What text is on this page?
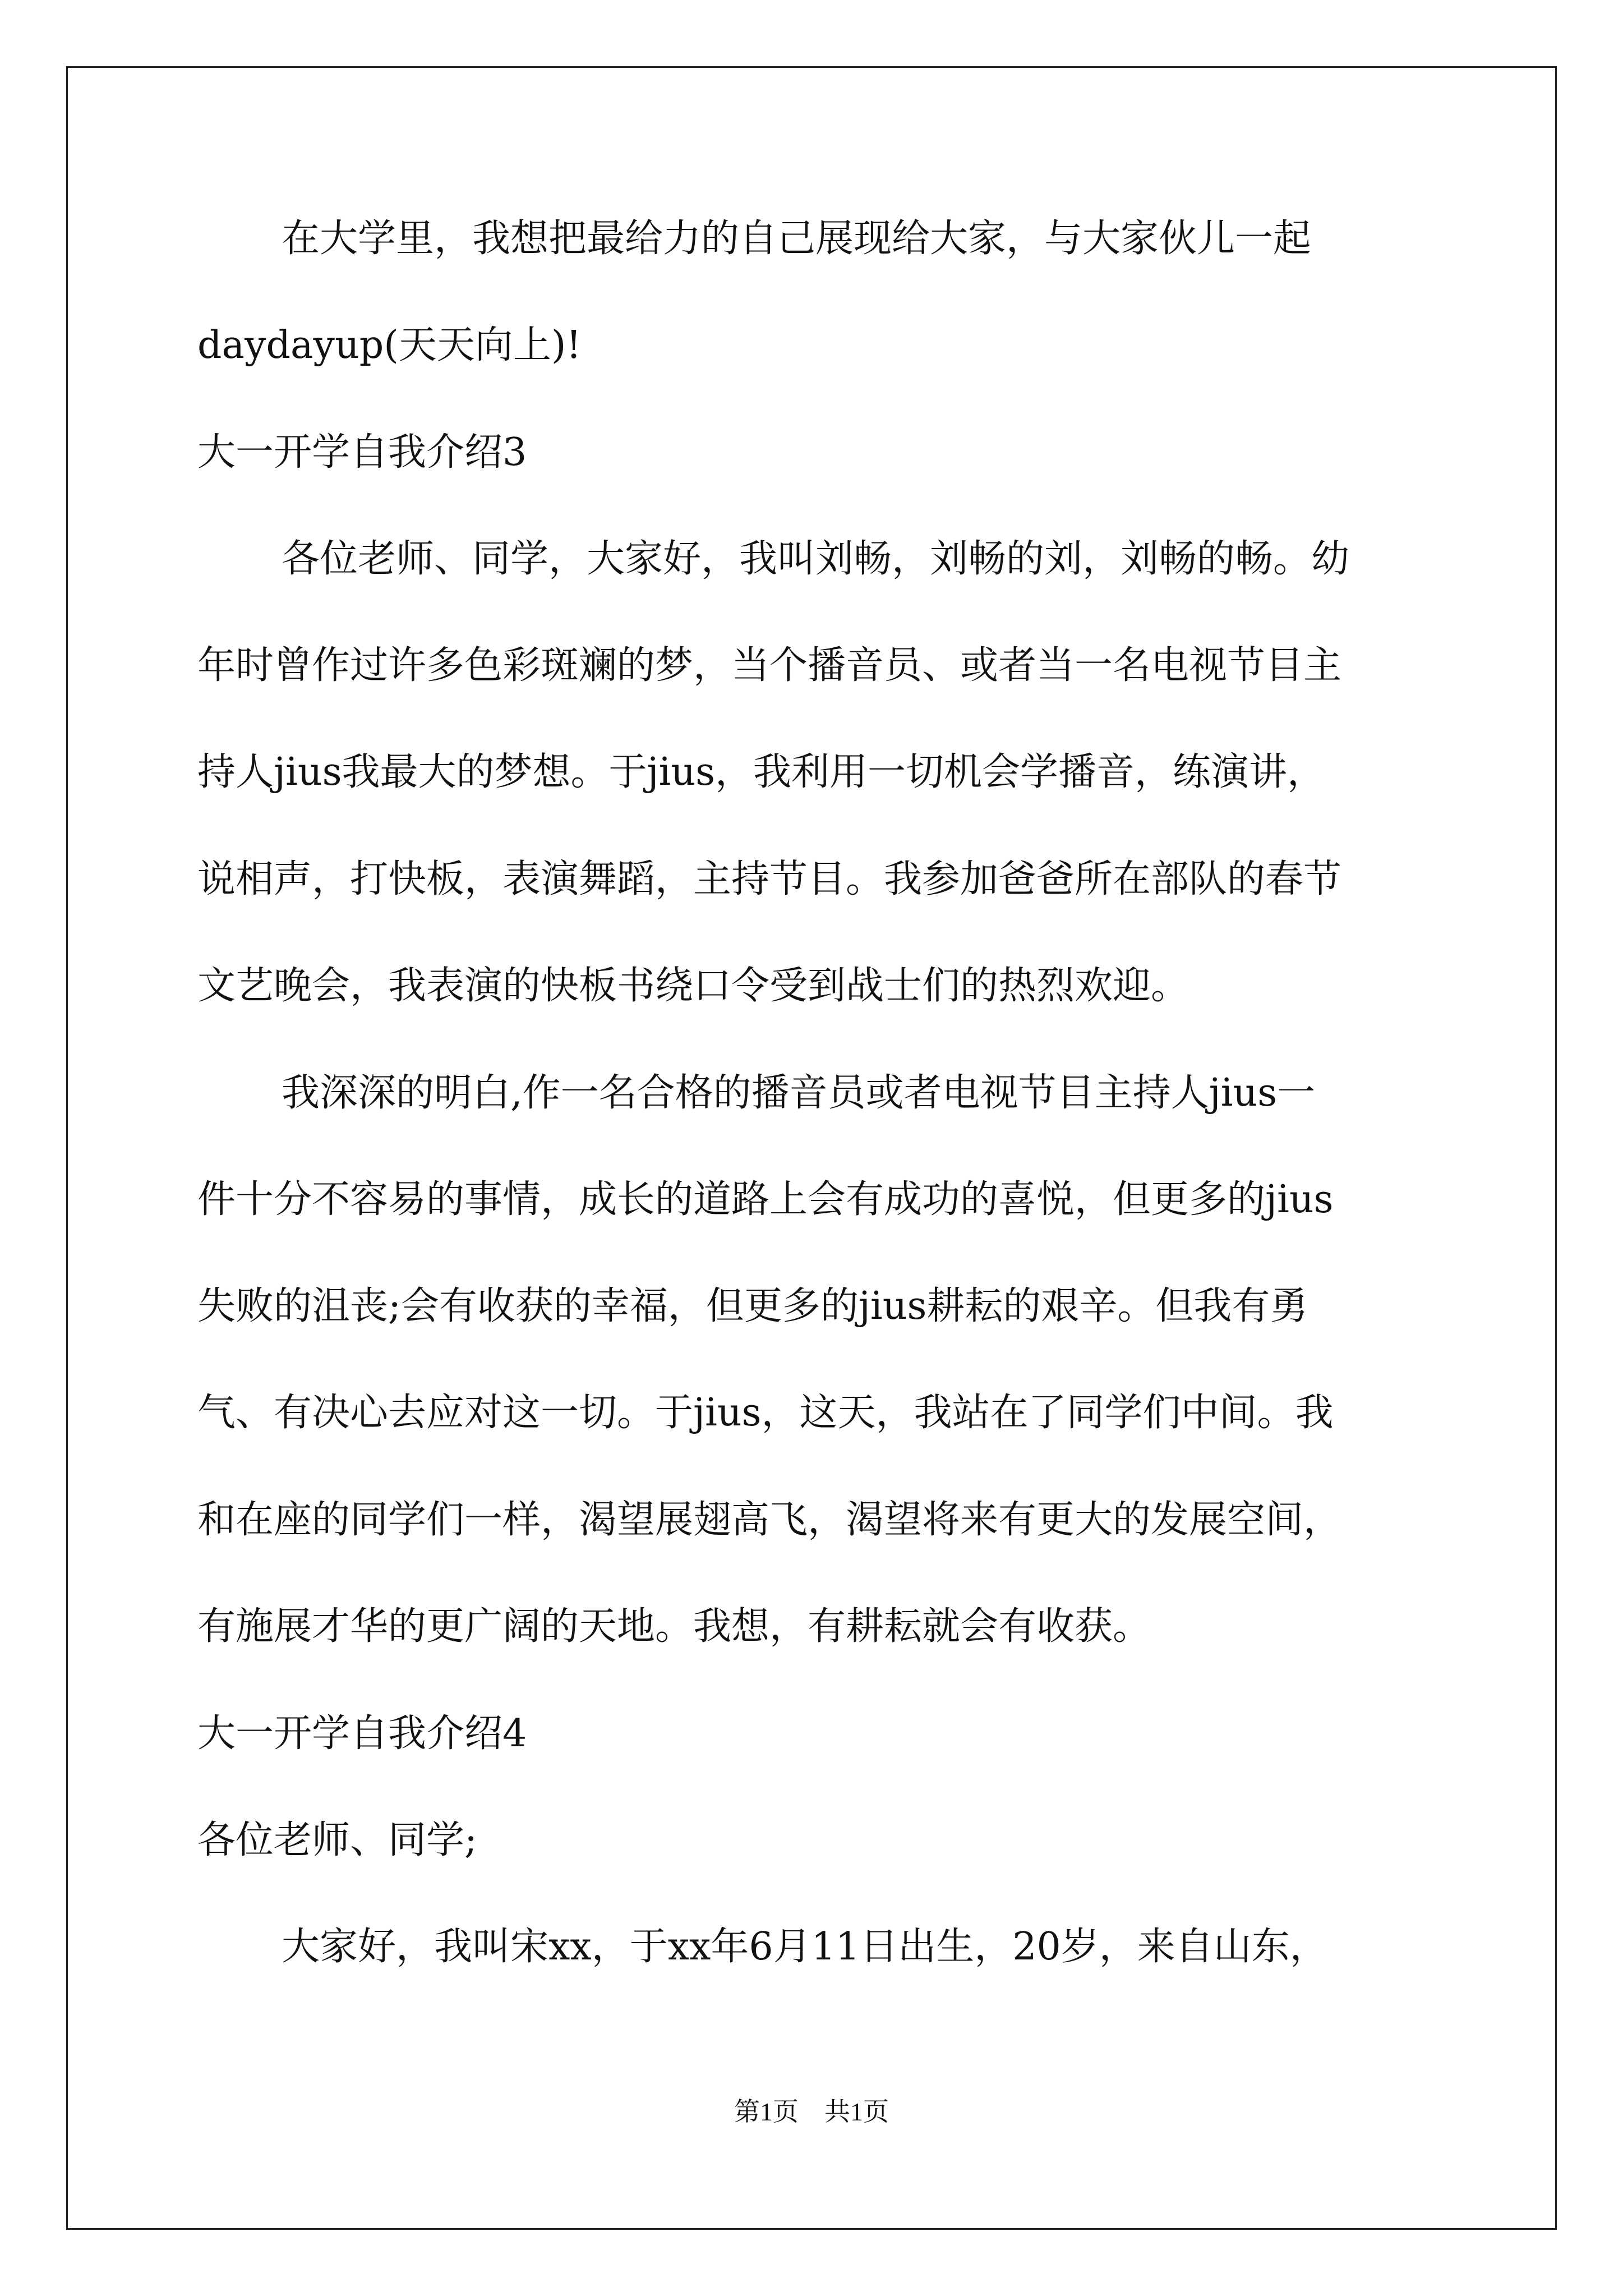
在大学里，我想把最给力的自己展现给大家，与大家伙儿一起
daydayup(天天向上)!
大一开学自我介绍3
各位老师、同学，大家好，我叫刘畅，刘畅的刘，刘畅的畅。幼
年时曾作过许多色彩斑斓的梦，当个播音员、或者当一名电视节目主
持人jius我最大的梦想。于jius，我利用一切机会学播音，练演讲，
说相声，打快板，表演舞蹈，主持节目。我参加爸爸所在部队的春节
文艺晚会，我表演的快板书绕口令受到战士们的热烈欢迎。
我深深的明白,作一名合格的播音员或者电视节目主持人jius一
件十分不容易的事情，成长的道路上会有成功的喜悦，但更多的jius
失败的沮丧;会有收获的幸福，但更多的jius耕耘的艰辛。但我有勇
气、有决心去应对这一切。于jius，这天，我站在了同学们中间。我
和在座的同学们一样，渴望展翅高飞，渴望将来有更大的发展空间，
有施展才华的更广阔的天地。我想，有耕耘就会有收获。
大一开学自我介绍4
各位老师、同学;
大家好，我叫宋xx，于xx年6月11日出生，20岁，来自山东，
第1页　共1页
